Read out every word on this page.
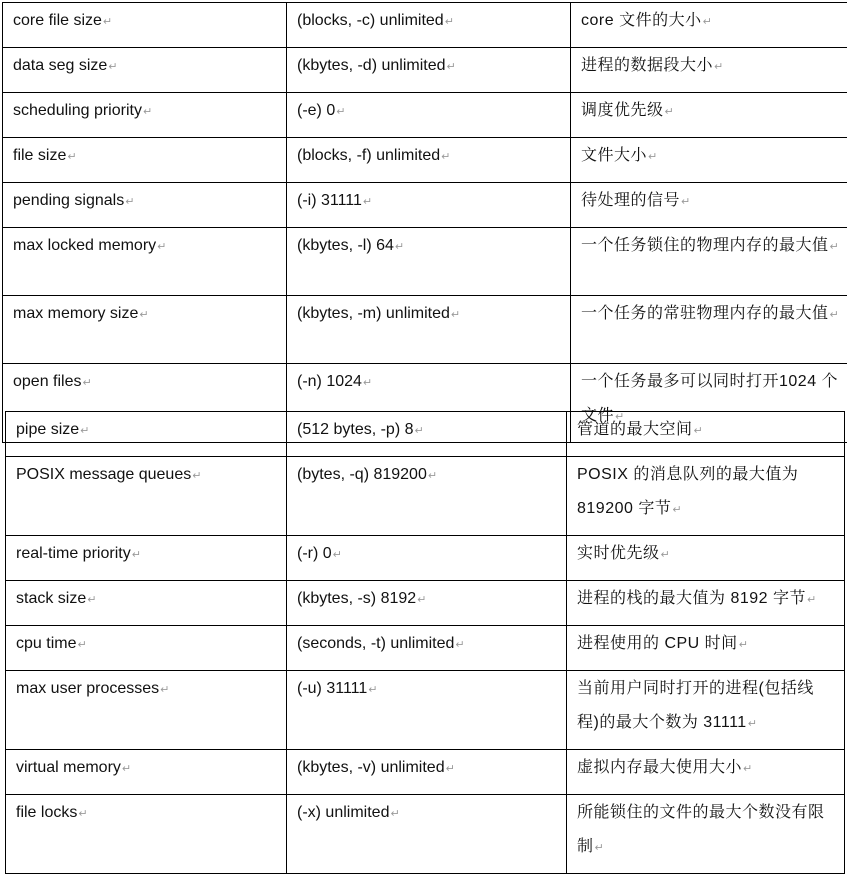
core file size↵	(blocks, -c) unlimited↵	core 文件的大小↵

data seg size↵	(kbytes, -d) unlimited↵	进程的数据段大小↵

scheduling priority↵	(-e) 0↵	调度优先级↵

file size↵	(blocks, -f) unlimited↵	文件大小↵

pending signals↵	(-i) 31111↵	待处理的信号↵

max locked memory↵	(kbytes, -l) 64↵	一个任务锁住的物理内存的最大值↵

max memory size↵	(kbytes, -m) unlimited↵	一个任务的常驻物理内存的最大值↵

open files↵	(-n) 1024↵	一个任务最多可以同时打开1024 个文件↵
pipe size↵	(512 bytes, -p) 8↵	管道的最大空间↵

POSIX message queues↵	(bytes, -q) 819200↵	POSIX 的消息队列的最大值为819200 字节↵

real-time priority↵	(-r) 0↵	实时优先级↵

stack size↵	(kbytes, -s) 8192↵	进程的栈的最大值为 8192 字节↵

cpu time↵	(seconds, -t) unlimited↵	进程使用的 CPU 时间↵

max user processes↵	(-u) 31111↵	当前用户同时打开的进程(包括线程)的最大个数为 31111↵

virtual memory↵	(kbytes, -v) unlimited↵	虚拟内存最大使用大小↵

file locks↵	(-x) unlimited↵	所能锁住的文件的最大个数没有限制↵
